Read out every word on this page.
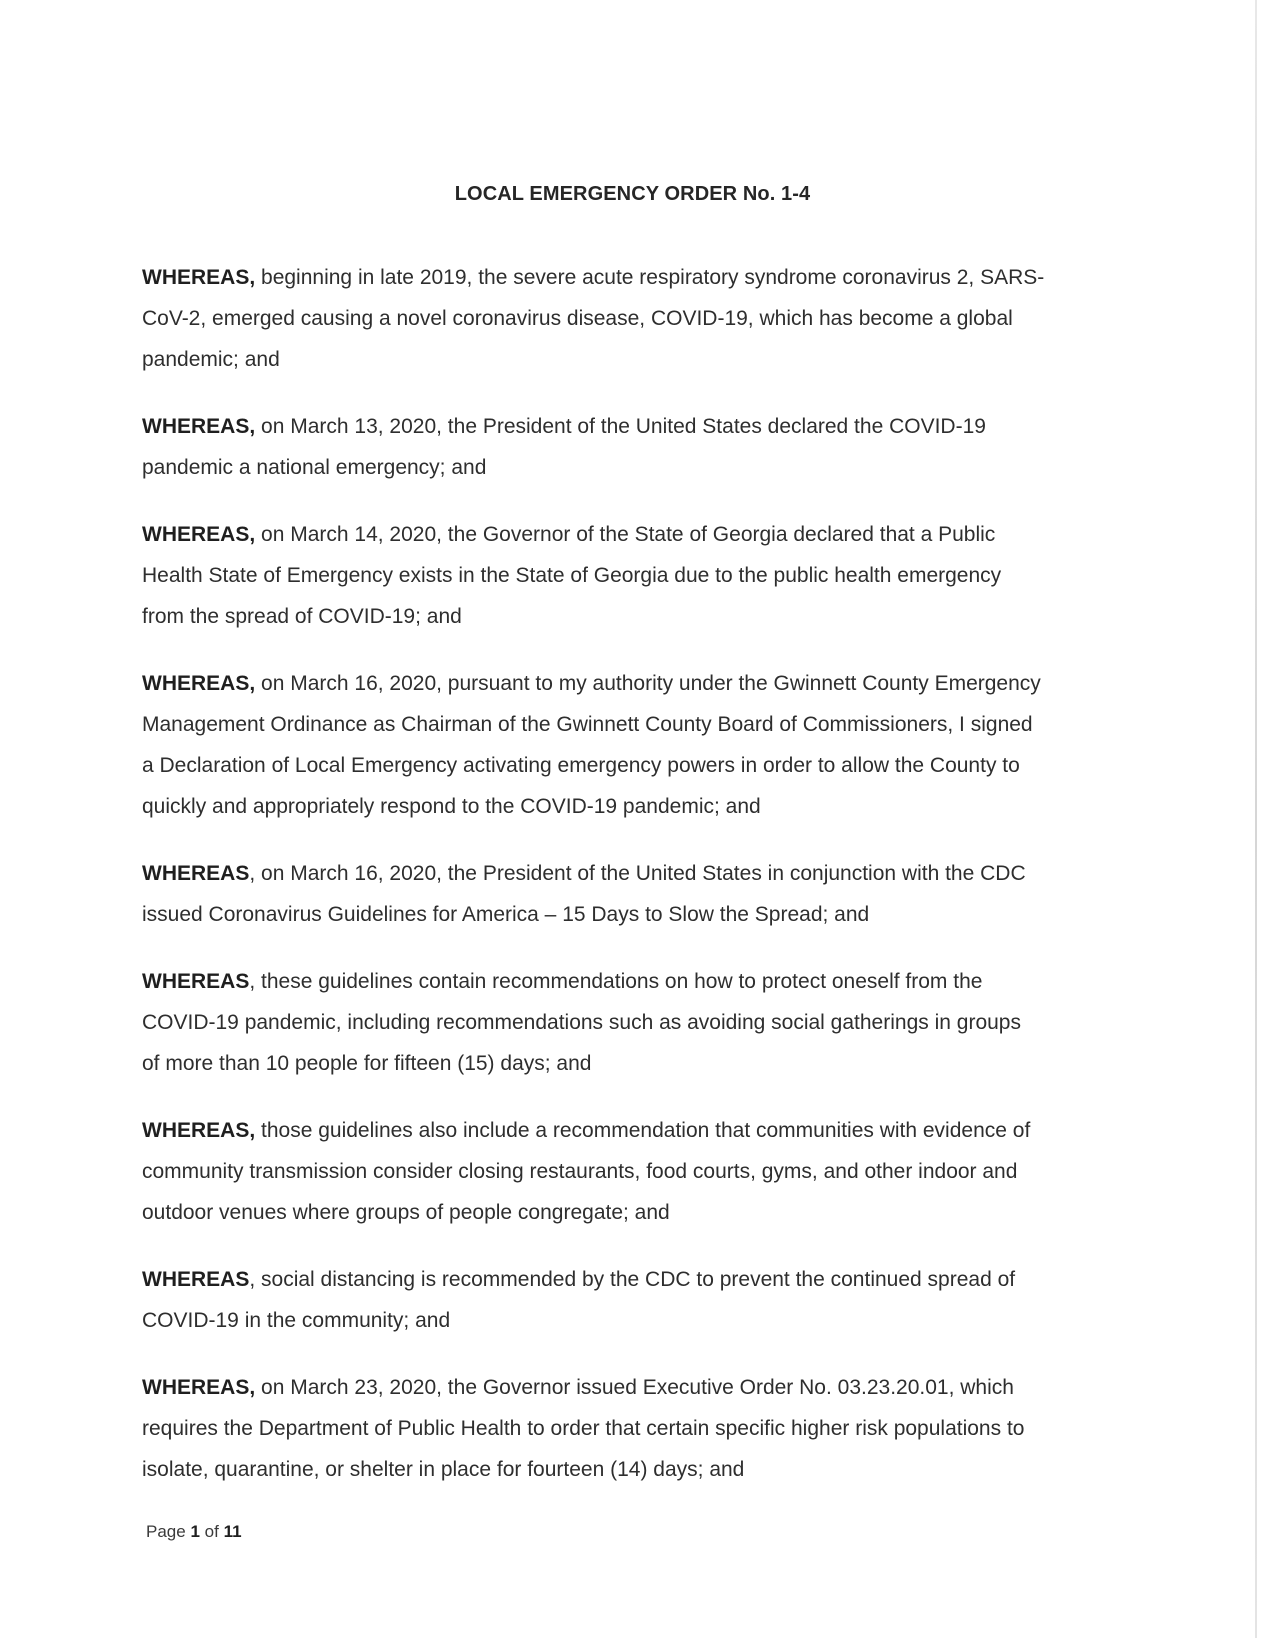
LOCAL EMERGENCY ORDER No. 1-4

WHEREAS, beginning in late 2019, the severe acute respiratory syndrome coronavirus 2, SARS-
CoV-2, emerged causing a novel coronavirus disease, COVID-19, which has become a global
pandemic; and

WHEREAS, on March 13, 2020, the President of the United States declared the COVID-19
pandemic a national emergency; and

WHEREAS, on March 14, 2020, the Governor of the State of Georgia declared that a Public
Health State of Emergency exists in the State of Georgia due to the public health emergency
from the spread of COVID-19; and

WHEREAS, on March 16, 2020, pursuant to my authority under the Gwinnett County Emergency
Management Ordinance as Chairman of the Gwinnett County Board of Commissioners, I signed
a Declaration of Local Emergency activating emergency powers in order to allow the County to
quickly and appropriately respond to the COVID-19 pandemic; and

WHEREAS, on March 16, 2020, the President of the United States in conjunction with the CDC
issued Coronavirus Guidelines for America – 15 Days to Slow the Spread; and

WHEREAS, these guidelines contain recommendations on how to protect oneself from the
COVID-19 pandemic, including recommendations such as avoiding social gatherings in groups
of more than 10 people for fifteen (15) days; and

WHEREAS, those guidelines also include a recommendation that communities with evidence of
community transmission consider closing restaurants, food courts, gyms, and other indoor and
outdoor venues where groups of people congregate; and

WHEREAS, social distancing is recommended by the CDC to prevent the continued spread of
COVID-19 in the community; and

WHEREAS, on March 23, 2020, the Governor issued Executive Order No. 03.23.20.01, which
requires the Department of Public Health to order that certain specific higher risk populations to
isolate, quarantine, or shelter in place for fourteen (14) days; and

Page 1 of 11
